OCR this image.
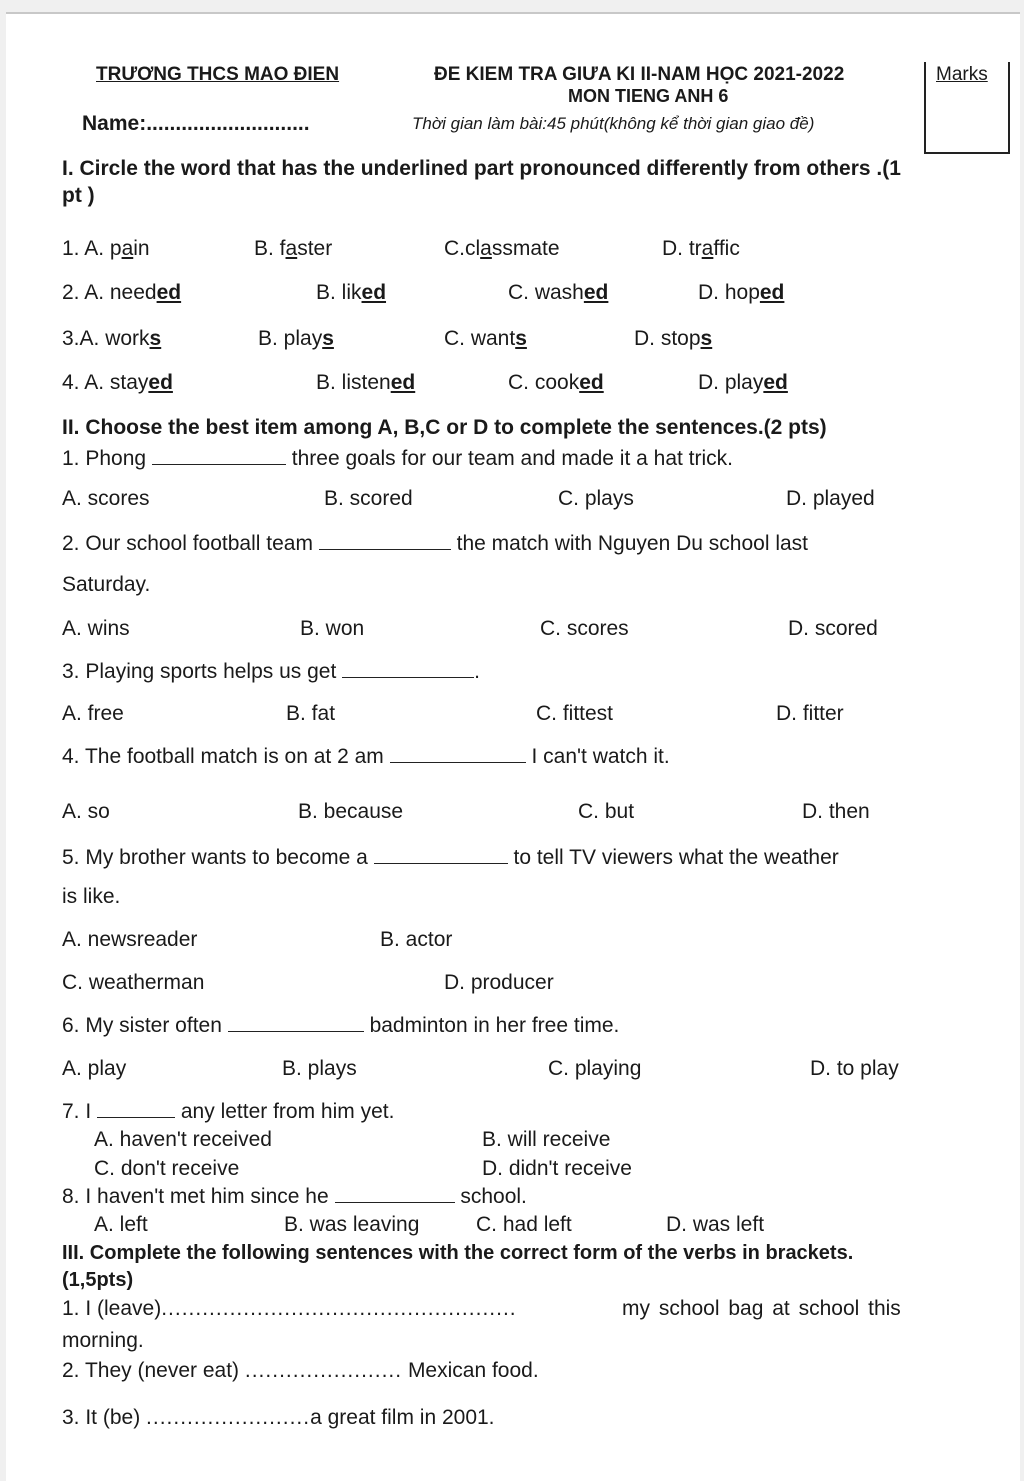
TRƯƠNG THCS MAO ĐIEN	ĐE KIEM TRA GIƯA KI II-NAM HỌC 2021-2022
MON TIENG ANH 6
Name:............................	Thời gian làm bài:45 phút(không kể thời gian giao đề)
Marks
I. Circle the word that has the underlined part pronounced differently from others .(1
pt )
1. A. pain	B. faster	C.classmate	D. traffic
2. A. needed	B. liked	C. washed	D. hoped
3.A. works	B. plays	C. wants	D. stops
4. A. stayed	B. listened	C. cooked	D. played
II. Choose the best item among A, B,C or D to complete the sentences.(2 pts)
1. Phong	three goals for our team and made it a hat trick.
A. scores	B. scored	C. plays	D. played
2. Our school football team	the match with Nguyen Du school last
Saturday.
A. wins	B. won	C. scores	D. scored
3. Playing sports helps us get	.
A. free	B. fat	C. fittest	D. fitter
4. The football match is on at 2 am	I can't watch it.
A. so	B. because	C. but	D. then
5. My brother wants to become a	to tell TV viewers what the weather
is like.
A. newsreader	B. actor
C. weatherman	D. producer
6. My sister often	badminton in her free time.
A. play	B. plays	C. playing	D. to play
7. I	any letter from him yet.
A. haven't received	B. will receive
C. don't receive	D. didn't receive
8. I haven't met him since he	school.
A. left	B. was leaving	C. had left	D. was left
III. Complete the following sentences with the correct form of the verbs in brackets.
(1,5pts)
1. I (leave)....................................................	my school bag at school this
morning.
2. They (never eat) ....................... Mexican food.
3. It (be) ........................a great film in 2001.
